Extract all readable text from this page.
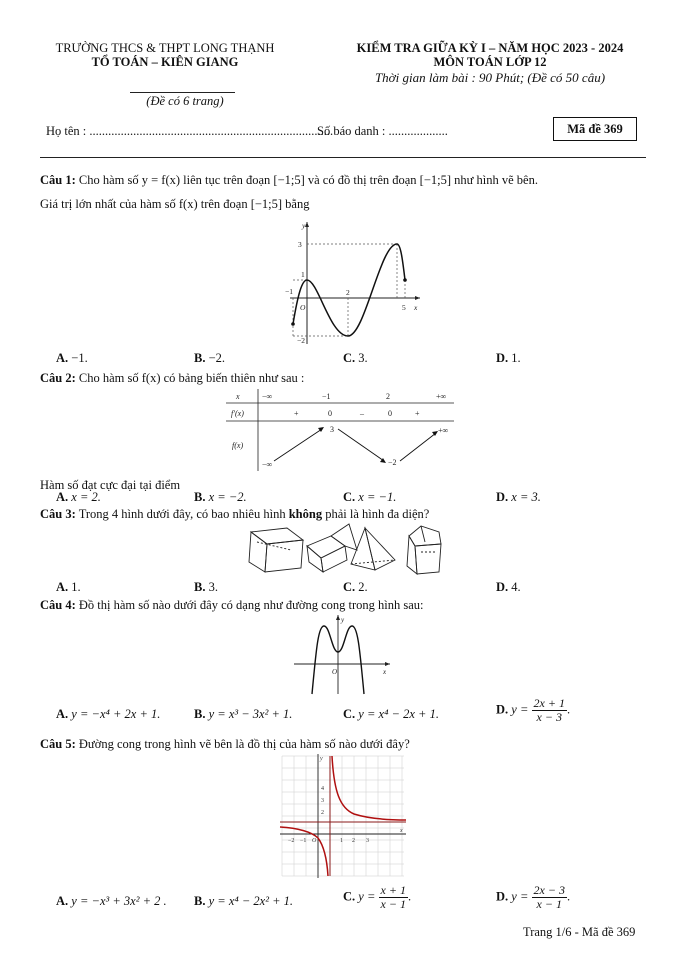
TRƯỜNG THCS & THPT LONG THẠNH
TỔ TOÁN – KIÊN GIANG
(Đề có 6 trang)
KIỂM TRA GIỮA KỲ I – NĂM HỌC 2023 - 2024
MÔN TOÁN LỚP 12
Thời gian làm bài : 90 Phút; (Đề có 50 câu)
Họ tên : ..............................................................................
Số báo danh : ...................	Mã đề 369
Câu 1: Cho hàm số y = f(x) liên tục trên đoạn [−1;5] và có đồ thị trên đoạn [−1;5] như hình vẽ bên.
Giá trị lớn nhất của hàm số f(x) trên đoạn [−1;5] bằng
y
x
O
3
1
−1	2
5
−2
A. −1.	B. −2.	C. 3.	D. 1.
Câu 2: Cho hàm số f(x) có bảng biến thiên như sau :
x
f′(x)
f(x)
−∞	−1	2	+∞
+	0	–	0	+
−∞
3
−2
+∞
Hàm số đạt cực đại tại điểm
A. x = 2.	B. x = −2.	C. x = −1.	D. x = 3.
Câu 3: Trong 4 hình dưới đây, có bao nhiêu hình không phải là hình đa diện?
A. 1.	B. 3.	C. 2.	D. 4.
Câu 4: Đồ thị hàm số nào dưới đây có dạng như đường cong trong hình sau:
y
x
O
A. y = −x⁴ + 2x + 1.	B. y = x³ − 3x² + 1.	C. y = x⁴ − 2x + 1.	D. $y = \frac{2x + 1}{x - 3}$ .
Câu 5: Đường cong trong hình vẽ bên là đồ thị của hàm số nào dưới đây?
y
x
O	1 2 3
−1
−2
2
3
4
A. y = −x³ + 3x² + 2 . B. y = x⁴ − 2x² + 1.	C. $y = \frac{x + 1}{x - 1}$ .	D. $y = \frac{2x - 3}{x - 1}$ .
Trang 1/6 - Mã đề 369
